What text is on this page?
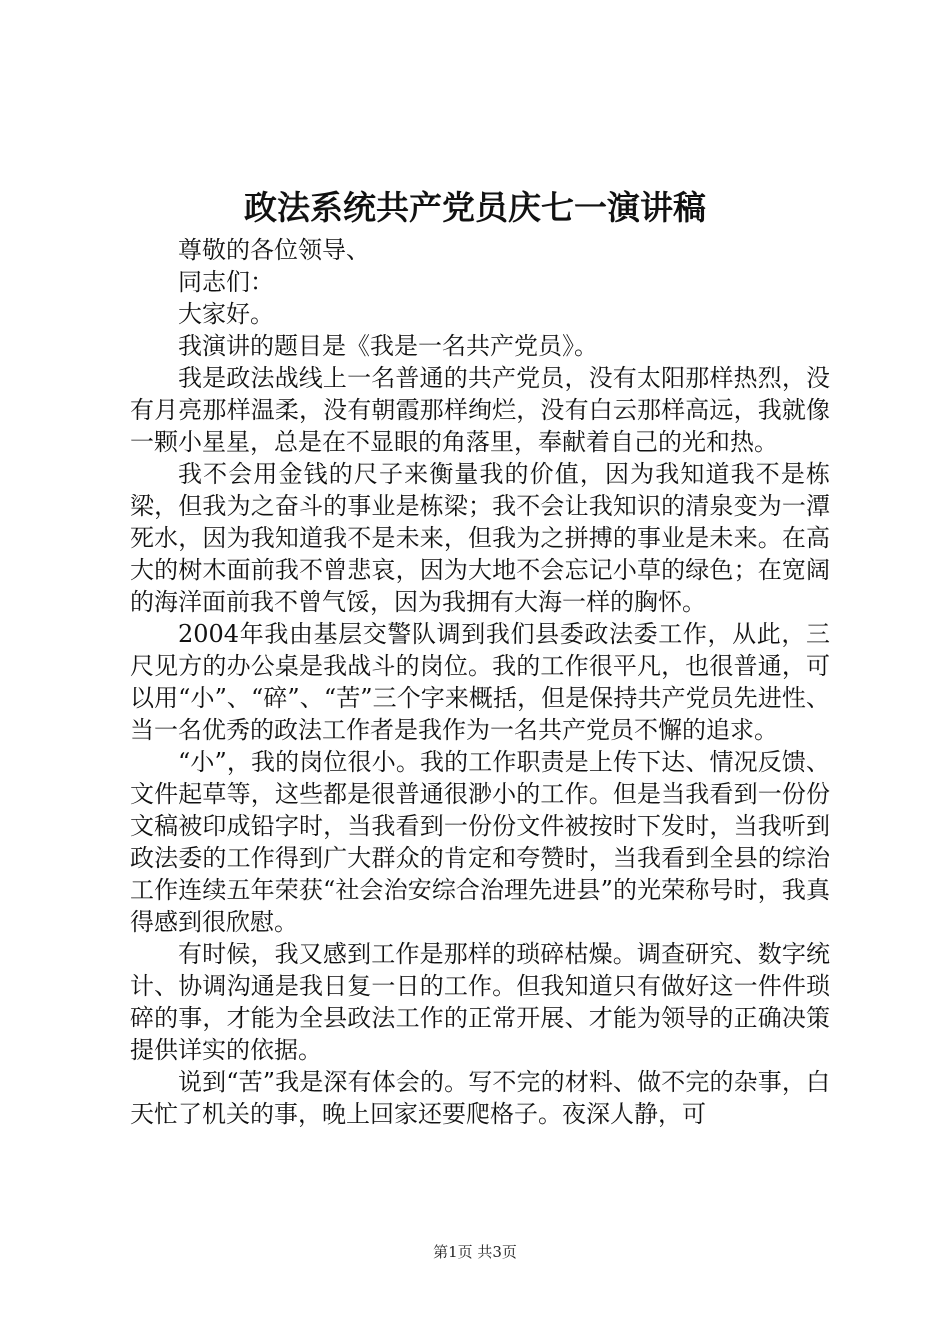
政法系统共产党员庆七一演讲稿

尊敬的各位领导、

同志们：

大家好。

我演讲的题目是《我是一名共产党员》。

我是政法战线上一名普通的共产党员，没有太阳那样热烈，没有月亮那样温柔，没有朝霞那样绚烂，没有白云那样高远，我就像一颗小星星，总是在不显眼的角落里，奉献着自己的光和热。

我不会用金钱的尺子来衡量我的价值，因为我知道我不是栋梁，但我为之奋斗的事业是栋梁；我不会让我知识的清泉变为一潭死水，因为我知道我不是未来，但我为之拼搏的事业是未来。在高大的树木面前我不曾悲哀，因为大地不会忘记小草的绿色；在宽阔的海洋面前我不曾气馁，因为我拥有大海一样的胸怀。

2004年我由基层交警队调到我们县委政法委工作，从此，三尺见方的办公桌是我战斗的岗位。我的工作很平凡，也很普通，可以用“小”、“碎”、“苦”三个字来概括，但是保持共产党员先进性、当一名优秀的政法工作者是我作为一名共产党员不懈的追求。

“小”，我的岗位很小。我的工作职责是上传下达、情况反馈、文件起草等，这些都是很普通很渺小的工作。但是当我看到一份份文稿被印成铅字时，当我看到一份份文件被按时下发时，当我听到政法委的工作得到广大群众的肯定和夸赞时，当我看到全县的综治工作连续五年荣获“社会治安综合治理先进县”的光荣称号时，我真得感到很欣慰。

有时候，我又感到工作是那样的琐碎枯燥。调查研究、数字统计、协调沟通是我日复一日的工作。但我知道只有做好这一件件琐碎的事，才能为全县政法工作的正常开展、才能为领导的正确决策提供详实的依据。

说到“苦”我是深有体会的。写不完的材料、做不完的杂事，白天忙了机关的事，晚上回家还要爬格子。夜深人静，可

第1页 共3页
